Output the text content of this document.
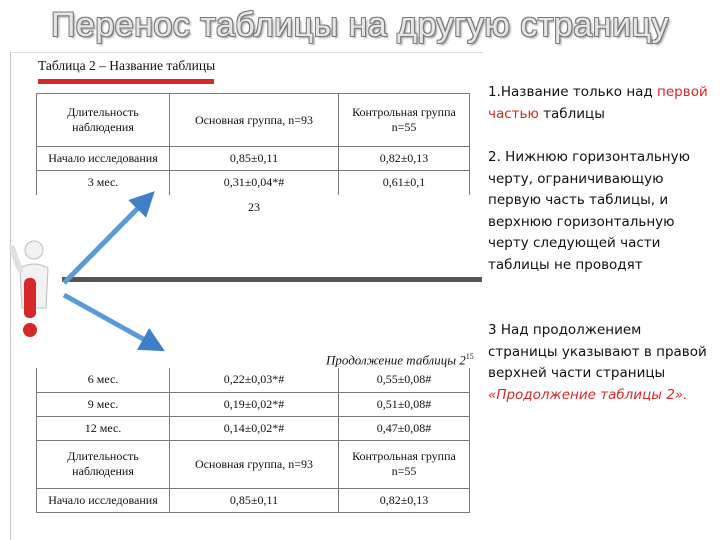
Перенос таблицы на другую страницу
Таблица 2 – Название таблицы
Длительность наблюдения	Основная группа, n=93	Контрольная группа n=55
Начало исследования	0,85±0,11	0,82±0,13
3 мес.	0,31±0,04*#	0,61±0,1
23
Продолжение таблицы $2^{15}$
6 мес.	0,22±0,03*#	0,55±0,08#
9 мес.	0,19±0,02*#	0,51±0,08#
12 мес.	0,14±0,02*#	0,47±0,08#
Длительность наблюдения	Основная группа, n=93	Контрольная группа n=55
Начало исследования	0,85±0,11	0,82±0,13

1.Название только над первой частью таблицы

2. Нижнюю горизонтальную черту, ограничивающую первую часть таблицы, и верхнюю горизонтальную черту следующей части таблицы не проводят

3 Над продолжением страницы указывают в правой верхней части страницы «Продолжение таблицы 2».
